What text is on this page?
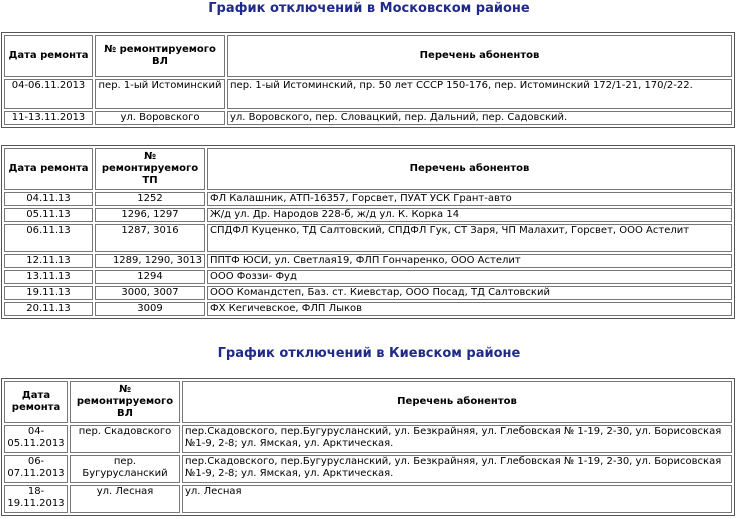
График отключений в Московском районе
Дата ремонта	№ ремонтируемого ВЛ	Перечень абонентов
04-06.11.2013	пер. 1-ый Истоминский	пер. 1-ый Истоминский, пр. 50 лет СССР 150-176, пер. Истоминский 172/1-21, 170/2-22.
11-13.11.2013	ул. Воровского	ул. Воровского, пер. Словацкий, пер. Дальний, пер. Садовский.
Дата ремонта	№ ремонтируемого ТП	Перечень абонентов
04.11.13	1252	ФЛ Калашник, АТП-16357, Горсвет, ПУАТ УСК Грант-авто
05.11.13	1296, 1297	Ж/д ул. Др. Народов 228-б, ж/д ул. К. Корка 14
06.11.13	1287, 3016	СПДФЛ Куценко, ТД Салтовский, СПДФЛ Гук, СТ Заря, ЧП Малахит, Горсвет, ООО Астелит
12.11.13	1289, 1290, 3013	ППТФ ЮСИ, ул. Светлая19, ФЛП Гончаренко, ООО Астелит
13.11.13	1294	ООО Фоззи- Фуд
19.11.13	3000, 3007	ООО Командстеп, Баз. ст. Киевстар, ООО Посад, ТД Салтовский
20.11.13	3009	ФХ Кегичевское, ФЛП Лыков
График отключений в Киевском районе
Дата ремонта	№ ремонтируемого ВЛ	Перечень абонентов
04-05.11.2013	пер. Скадовского	пер.Скадовского, пер.Бугурусланский, ул. Безкрайняя, ул. Глебовская № 1-19, 2-30, ул. Борисовская №1-9, 2-8; ул. Ямская, ул. Арктическая.
06-07.11.2013	пер. Бугурусланский	пер.Скадовского, пер.Бугурусланский, ул. Безкрайняя, ул. Глебовская № 1-19, 2-30, ул. Борисовская №1-9, 2-8; ул. Ямская, ул. Арктическая.
18-19.11.2013	ул. Лесная	ул. Лесная
